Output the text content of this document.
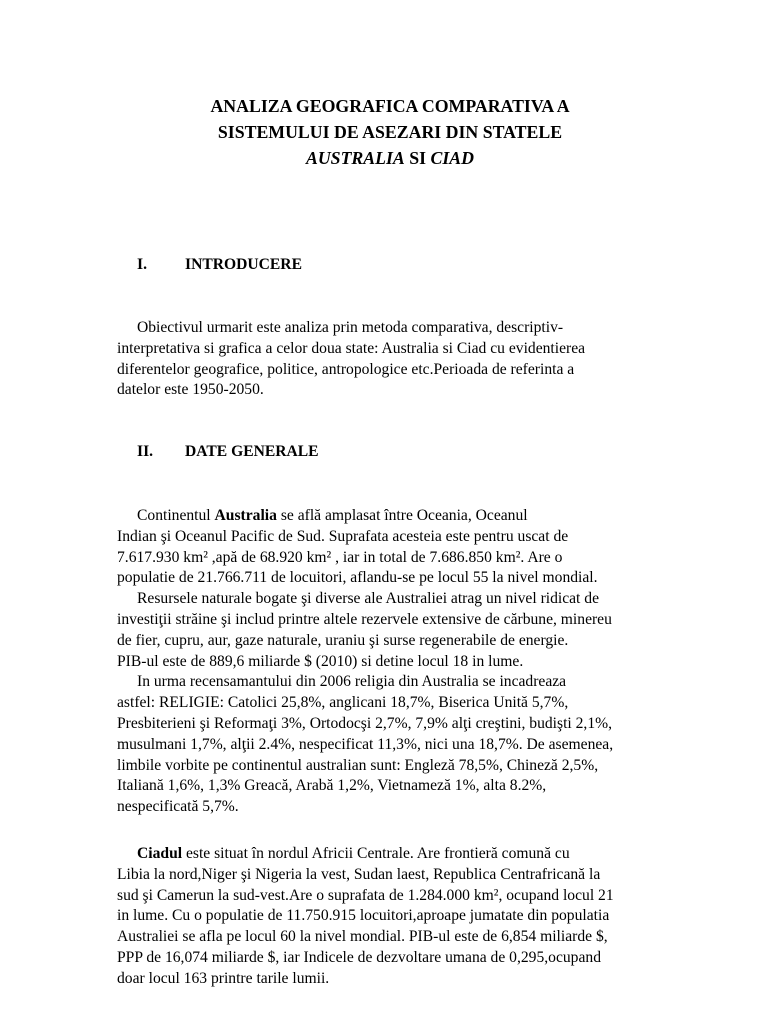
ANALIZA GEOGRAFICA COMPARATIVA A
SISTEMULUI DE ASEZARI DIN STATELE
AUSTRALIA SI CIAD
I. INTRODUCERE
Obiectivul urmarit este analiza prin metoda comparativa, descriptiv-
interpretativa si grafica a celor doua state: Australia si Ciad cu evidentierea
diferentelor geografice, politice, antropologice etc.Perioada de referinta a
datelor este 1950-2050.
II. DATE GENERALE
Continentul Australia se află amplasat între Oceania, Oceanul
Indian şi Oceanul Pacific de Sud. Suprafata acesteia este pentru uscat de
7.617.930 km² ,apă de 68.920 km² , iar in total de 7.686.850 km². Are o
populatie de 21.766.711 de locuitori, aflandu-se pe locul 55 la nivel mondial.
Resursele naturale bogate şi diverse ale Australiei atrag un nivel ridicat de
investiţii străine şi includ printre altele rezervele extensive de cărbune, minereu
de fier, cupru, aur, gaze naturale, uraniu şi surse regenerabile de energie.
PIB-ul este de 889,6 miliarde $ (2010) si detine locul 18 in lume.
In urma recensamantului din 2006 religia din Australia se incadreaza
astfel: RELIGIE: Catolici 25,8%, anglicani 18,7%, Biserica Unită 5,7%,
Presbiterieni şi Reformaţi 3%, Ortodocşi 2,7%, 7,9% alţi creştini, budişti 2,1%,
musulmani 1,7%, alţii 2.4%, nespecificat 11,3%, nici una 18,7%. De asemenea,
limbile vorbite pe continentul australian sunt: Engleză 78,5%, Chineză 2,5%,
Italiană 1,6%, 1,3% Greacă, Arabă 1,2%, Vietnameză 1%, alta 8.2%,
nespecificată 5,7%.
Ciadul este situat în nordul Africii Centrale. Are frontieră comună cu
Libia la nord,Niger şi Nigeria la vest, Sudan laest, Republica Centrafricană la
sud şi Camerun la sud-vest.Are o suprafata de 1.284.000 km², ocupand locul 21
in lume. Cu o populatie de 11.750.915 locuitori,aproape jumatate din populatia
Australiei se afla pe locul 60 la nivel mondial. PIB-ul este de 6,854 miliarde $,
PPP de 16,074 miliarde $, iar Indicele de dezvoltare umana de 0,295,ocupand
doar locul 163 printre tarile lumii.
